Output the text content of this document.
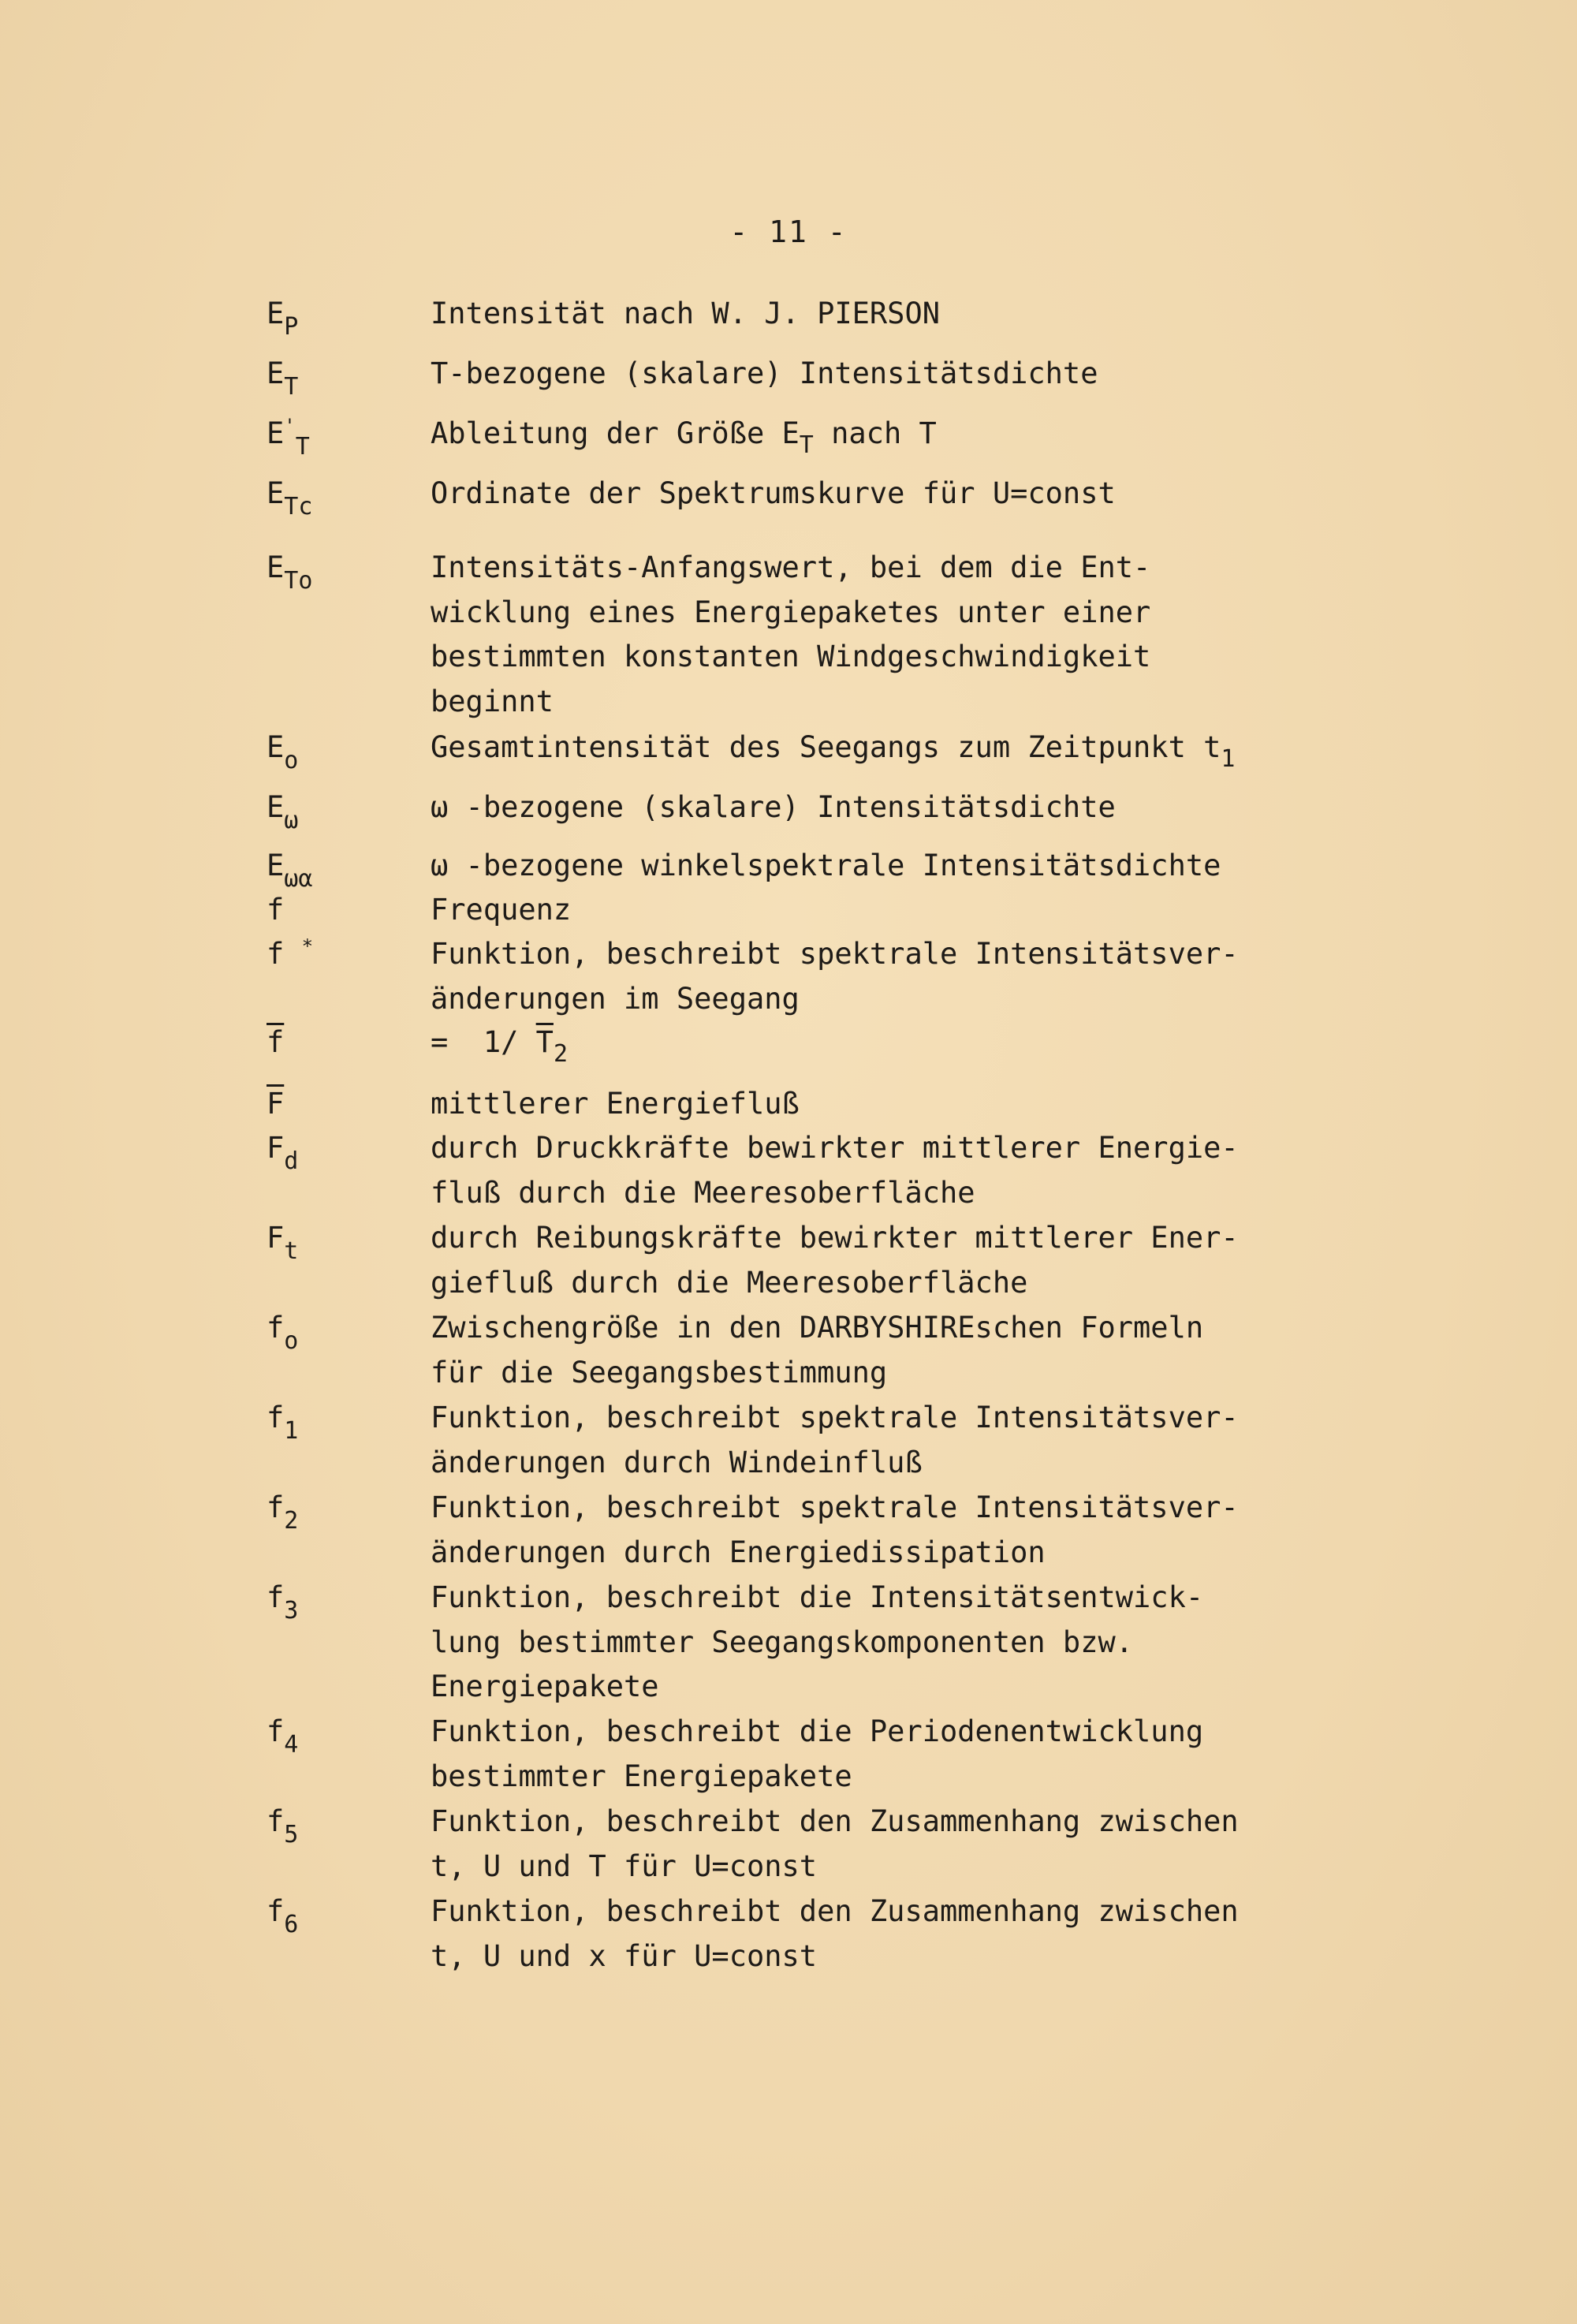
- 11 -
$E_P$	Intensität nach W. J. PIERSON
$E_T$	T-bezogene (skalare) Intensitätsdichte
$E'_T$	Ableitung der Größe $E_T$ nach T
$E_{Tc}$	Ordinate der Spektrumskurve für U=const
$E_{To}$	Intensitäts-Anfangswert, bei dem die Ent-
wicklung eines Energiepaketes unter einer
bestimmten konstanten Windgeschwindigkeit
beginnt
$E_o$	Gesamtintensität des Seegangs zum Zeitpunkt $t_1$
$E_\omega$	ω -bezogene (skalare) Intensitätsdichte
$E_{\omega\alpha}$	ω -bezogene winkelspektrale Intensitätsdichte
f	Frequenz
f *	Funktion, beschreibt spektrale Intensitätsver-
änderungen im Seegang
$\overline{f}$	=  1/ $\overline{T}_2$
$\overline{F}$	mittlerer Energiefluß
$F_d$	durch Druckkräfte bewirkter mittlerer Energie-
fluß durch die Meeresoberfläche
$F_t$	durch Reibungskräfte bewirkter mittlerer Ener-
giefluß durch die Meeresoberfläche
$f_o$	Zwischengröße in den DARBYSHIREschen Formeln
für die Seegangsbestimmung
$f_1$	Funktion, beschreibt spektrale Intensitätsver-
änderungen durch Windeinfluß
$f_2$	Funktion, beschreibt spektrale Intensitätsver-
änderungen durch Energiedissipation
$f_3$	Funktion, beschreibt die Intensitätsentwick-
lung bestimmter Seegangskomponenten bzw.
Energiepakete
$f_4$	Funktion, beschreibt die Periodenentwicklung
bestimmter Energiepakete
$f_5$	Funktion, beschreibt den Zusammenhang zwischen
t, U und T für U=const
$f_6$	Funktion, beschreibt den Zusammenhang zwischen
t, U und x für U=const
